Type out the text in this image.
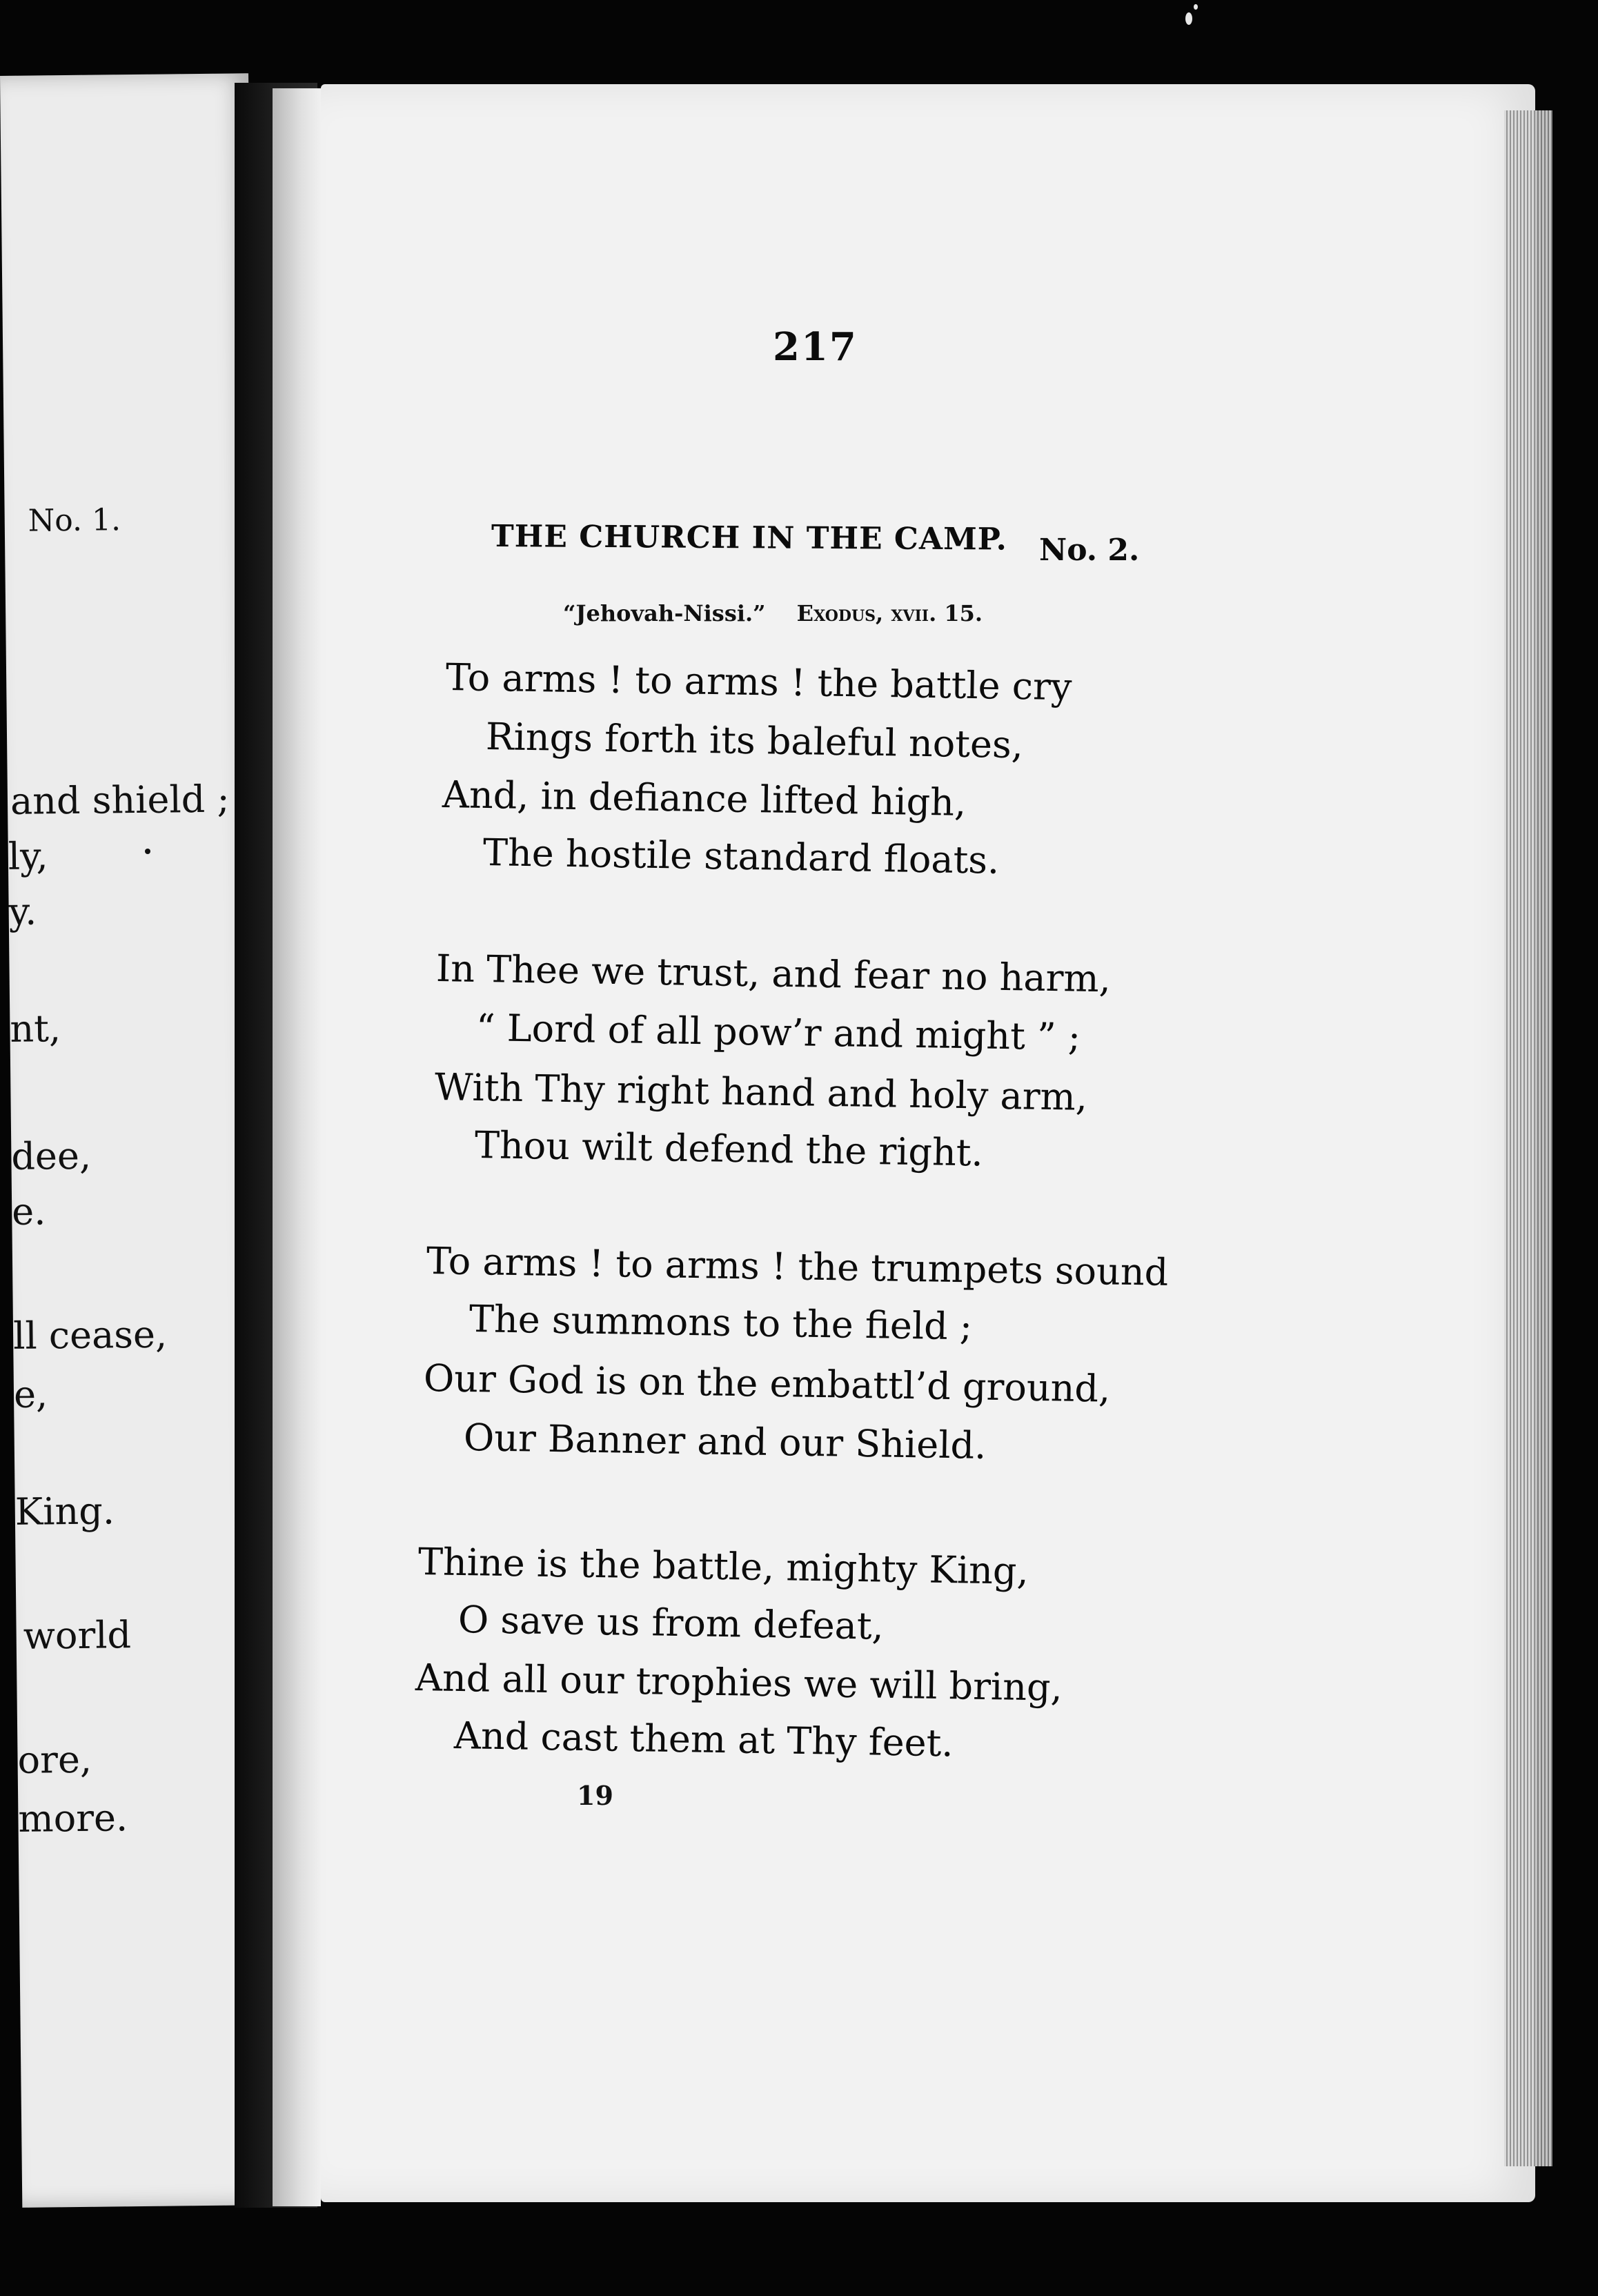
No. 1.
and shield ;
ly,
y.
nt,
dee,
e.
ll cease,
e,
King.
world
ore,
more.
217
THE CHURCH IN THE CAMP. No. 2.
“Jehovah-Nissi.” Exodus, xvii. 15.
To arms ! to arms ! the battle cry
Rings forth its baleful notes,
And, in defiance lifted high,
The hostile standard floats.
In Thee we trust, and fear no harm,
“ Lord of all pow’r and might ” ;
With Thy right hand and holy arm,
Thou wilt defend the right.
To arms ! to arms ! the trumpets sound
The summons to the field ;
Our God is on the embattl’d ground,
Our Banner and our Shield.
Thine is the battle, mighty King,
O save us from defeat,
And all our trophies we will bring,
And cast them at Thy feet.
19
